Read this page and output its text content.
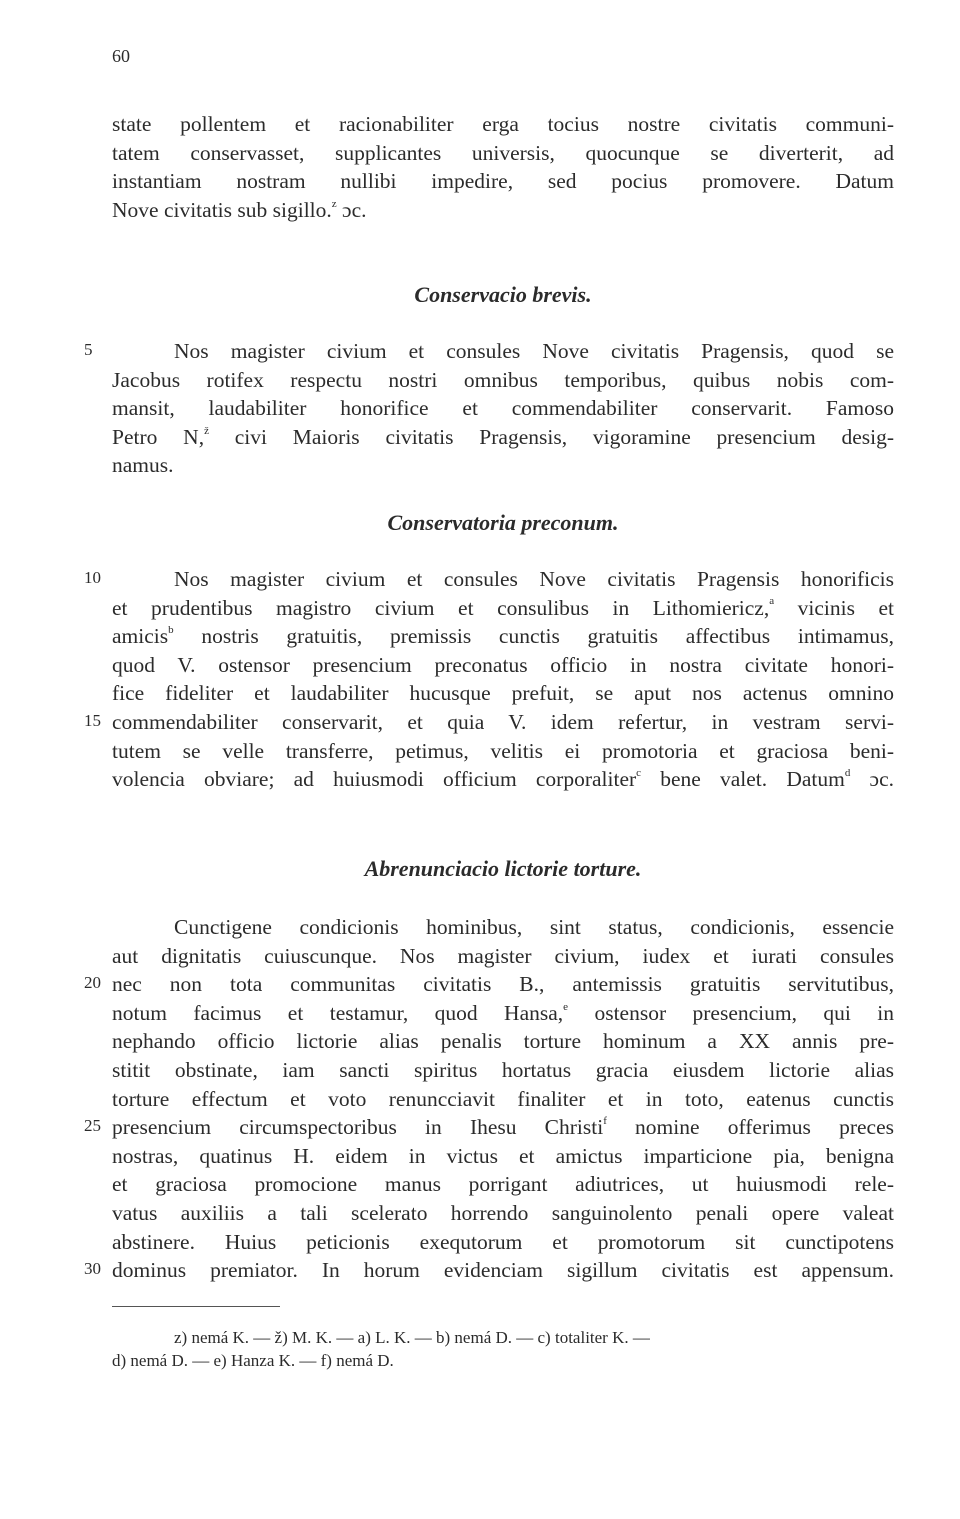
60
state pollentem et racionabiliter erga tocius nostre civitatis communi-
tatem conservasset, supplicantes universis, quocunque se diverterit, ad
instantiam nostram nullibi impedire, sed pocius promovere. Datum
Nove civitatis sub sigillo.$^z$ ɔc.
Conservacio brevis.
5	Nos magister civium et consules Nove civitatis Pragensis, quod se
Jacobus rotifex respectu nostri omnibus temporibus, quibus nobis com-
mansit, laudabiliter honorifice et commendabiliter conservarit. Famoso
Petro N,$^ž$ civi Maioris civitatis Pragensis, vigoramine presencium desig-
namus.
Conservatoria preconum.
10
15
Nos magister civium et consules Nove civitatis Pragensis honorificis
et prudentibus magistro civium et consulibus in Lithomiericz,$^a$ vicinis et
amicis$^b$ nostris gratuitis, premissis cunctis gratuitis affectibus intimamus,
quod V. ostensor presencium preconatus officio in nostra civitate honori-
fice fideliter et laudabiliter hucusque prefuit, se aput nos actenus omnino
commendabiliter conservarit, et quia V. idem refertur, in vestram servi-
tutem se velle transferre, petimus, velitis ei promotoria et graciosa beni-
volencia obviare; ad huiusmodi officium corporaliter$^c$ bene valet. Datum$^d$ ɔc.
Abrenunciacio lictorie torture.
20
25
30
Cunctigene condicionis hominibus, sint status, condicionis, essencie
aut dignitatis cuiuscunque. Nos magister civium, iudex et iurati consules
nec non tota communitas civitatis B., antemissis gratuitis servitutibus,
notum facimus et testamur, quod Hansa,$^e$ ostensor presencium, qui in
nephando officio lictorie alias penalis torture hominum a XX annis pre-
stitit obstinate, iam sancti spiritus hortatus gracia eiusdem lictorie alias
torture effectum et voto renuncciavit finaliter et in toto, eatenus cunctis
presencium circumspectoribus in Ihesu Christi$^f$ nomine offerimus preces
nostras, quatinus H. eidem in victus et amictus imparticione pia, benigna
et graciosa promocione manus porrigant adiutrices, ut huiusmodi rele-
vatus auxiliis a tali scelerato horrendo sanguinolento penali opere valeat
abstinere. Huius peticionis exequtorum et promotorum sit cunctipotens
dominus premiator. In horum evidenciam sigillum civitatis est appensum.
z) nemá K. — ž) M. K. — a) L. K. — b) nemá D. — c) totaliter K. —
d) nemá D. — e) Hanza K. — f) nemá D.
